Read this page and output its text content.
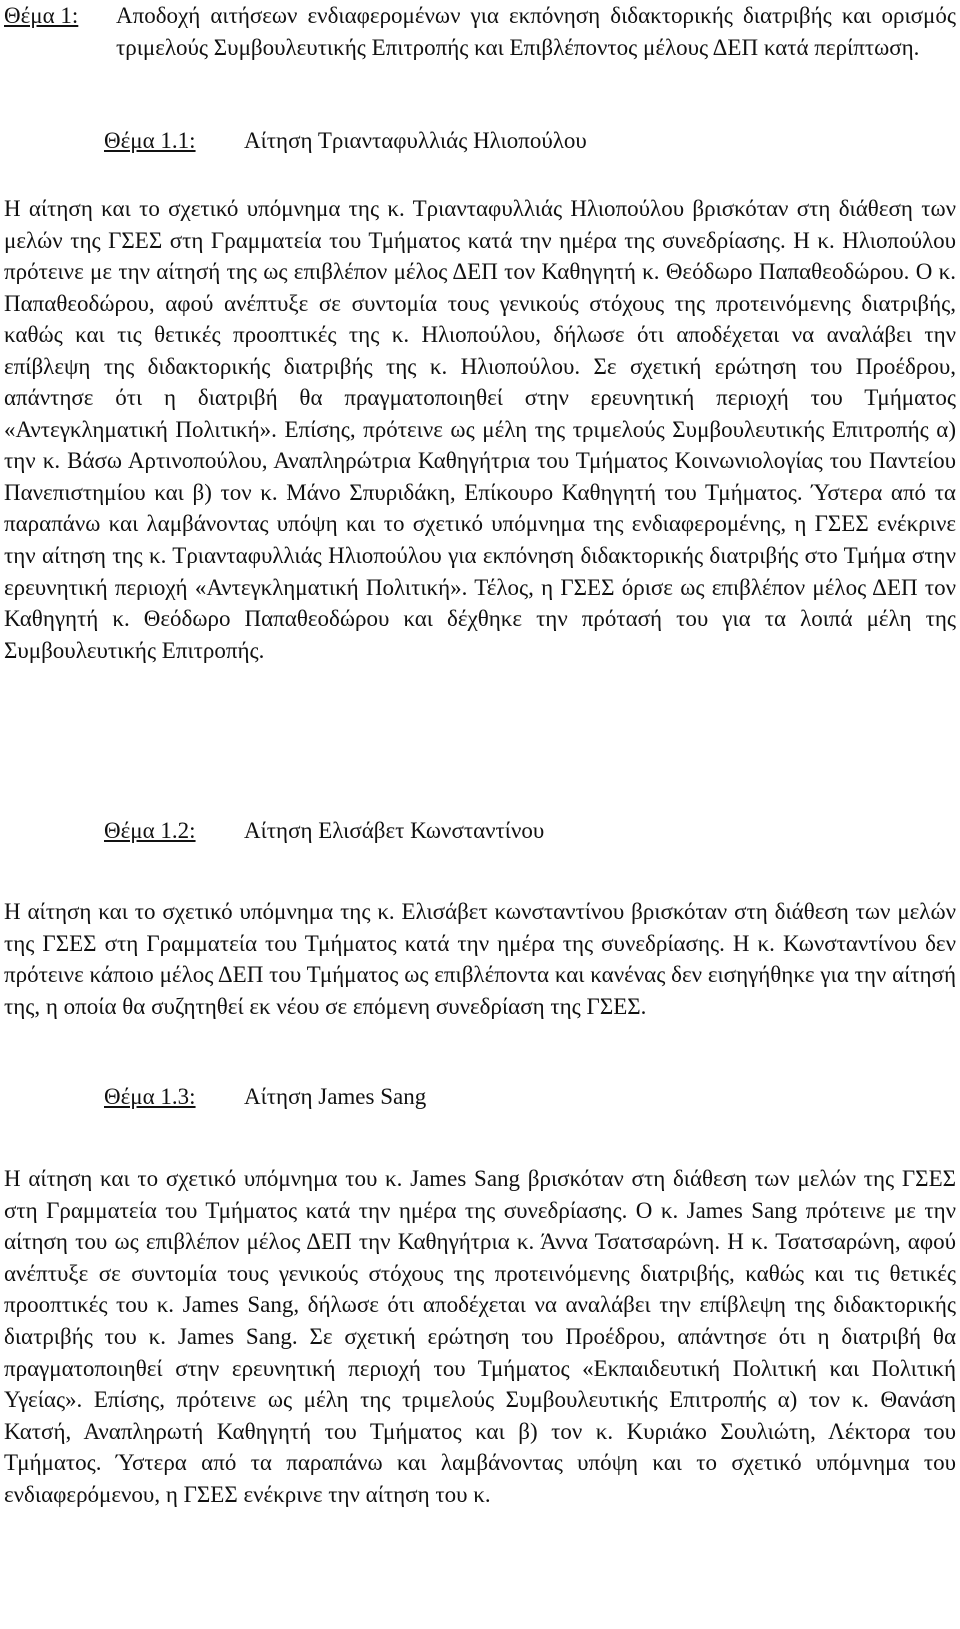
Θέμα 1:	Αποδοχή αιτήσεων ενδιαφερομένων για εκπόνηση διδακτορικής διατριβής και ορισμός τριμελούς Συμβουλευτικής Επιτροπής και Επιβλέποντος μέλους ΔΕΠ κατά περίπτωση.
Θέμα 1.1:	Αίτηση Τριανταφυλλιάς Ηλιοπούλου

Η αίτηση και το σχετικό υπόμνημα της κ. Τριανταφυλλιάς Ηλιοπούλου βρισκόταν στη διάθεση των μελών της ΓΣΕΣ στη Γραμματεία του Τμήματος κατά την ημέρα της συνεδρίασης. Η κ. Ηλιοπούλου πρότεινε με την αίτησή της ως επιβλέπον μέλος ΔΕΠ τον Καθηγητή κ. Θεόδωρο Παπαθεοδώρου. Ο κ. Παπαθεοδώρου, αφού ανέπτυξε σε συντομία τους γενικούς στόχους της προτεινόμενης διατριβής, καθώς και τις θετικές προοπτικές της κ. Ηλιοπούλου, δήλωσε ότι αποδέχεται να αναλάβει την επίβλεψη της διδακτορικής διατριβής της κ. Ηλιοπούλου. Σε σχετική ερώτηση του Προέδρου, απάντησε ότι η διατριβή θα πραγματοποιηθεί στην ερευνητική περιοχή του Τμήματος «Αντεγκληματική Πολιτική». Επίσης, πρότεινε ως μέλη της τριμελούς Συμβουλευτικής Επιτροπής α) την κ. Βάσω Αρτινοπούλου, Αναπληρώτρια Καθηγήτρια του Τμήματος Κοινωνιολογίας του Παντείου Πανεπιστημίου και β) τον κ. Μάνο Σπυριδάκη, Επίκουρο Καθηγητή του Τμήματος. Ύστερα από τα παραπάνω και λαμβάνοντας υπόψη και το σχετικό υπόμνημα της ενδιαφερομένης, η ΓΣΕΣ ενέκρινε την αίτηση της κ. Τριανταφυλλιάς Ηλιοπούλου για εκπόνηση διδακτορικής διατριβής στο Τμήμα στην ερευνητική περιοχή «Αντεγκληματική Πολιτική». Τέλος, η ΓΣΕΣ όρισε ως επιβλέπον μέλος ΔΕΠ τον Καθηγητή κ. Θεόδωρο Παπαθεοδώρου και δέχθηκε την πρότασή του για τα λοιπά μέλη της Συμβουλευτικής Επιτροπής.

Θέμα 1.2:	Αίτηση Ελισάβετ Κωνσταντίνου

Η αίτηση και το σχετικό υπόμνημα της κ. Ελισάβετ κωνσταντίνου βρισκόταν στη διάθεση των μελών της ΓΣΕΣ στη Γραμματεία του Τμήματος κατά την ημέρα της συνεδρίασης. Η κ. Κωνσταντίνου δεν πρότεινε κάποιο μέλος ΔΕΠ του Τμήματος ως επιβλέποντα και κανένας δεν εισηγήθηκε για την αίτησή της, η οποία θα συζητηθεί εκ νέου σε επόμενη συνεδρίαση της ΓΣΕΣ.

Θέμα 1.3:	Αίτηση James Sang

Η αίτηση και το σχετικό υπόμνημα του κ. James Sang βρισκόταν στη διάθεση των μελών της ΓΣΕΣ στη Γραμματεία του Τμήματος κατά την ημέρα της συνεδρίασης. Ο κ. James Sang πρότεινε με την αίτηση του ως επιβλέπον μέλος ΔΕΠ την Καθηγήτρια κ. Άννα Τσατσαρώνη. Η κ. Τσατσαρώνη, αφού ανέπτυξε σε συντομία τους γενικούς στόχους της προτεινόμενης διατριβής, καθώς και τις θετικές προοπτικές του κ. James Sang, δήλωσε ότι αποδέχεται να αναλάβει την επίβλεψη της διδακτορικής διατριβής του κ. James Sang. Σε σχετική ερώτηση του Προέδρου, απάντησε ότι η διατριβή θα πραγματοποιηθεί στην ερευνητική περιοχή του Τμήματος «Εκπαιδευτική Πολιτική και Πολιτική Υγείας». Επίσης, πρότεινε ως μέλη της τριμελούς Συμβουλευτικής Επιτροπής α) τον κ. Θανάση Κατσή, Αναπληρωτή Καθηγητή του Τμήματος και β) τον κ. Κυριάκο Σουλιώτη, Λέκτορα του Τμήματος. Ύστερα από τα παραπάνω και λαμβάνοντας υπόψη και το σχετικό υπόμνημα του ενδιαφερόμενου, η ΓΣΕΣ ενέκρινε την αίτηση του κ.
